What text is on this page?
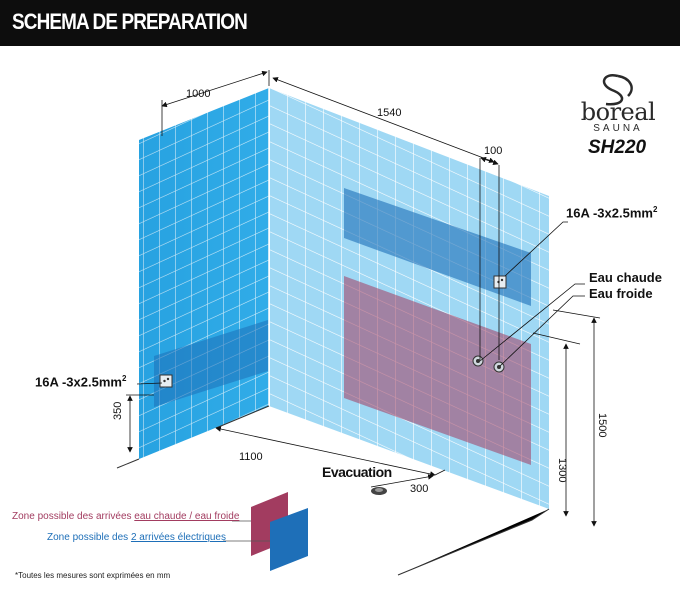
SCHEMA DE PREPARATION
boreal
SAUNA
SH220
16A $-3x2.5mm^2$
16A $-3x2.5mm^2$
Eau chaude
Eau froide
Evacuation
1000
1540
100
1100
300
350
1300
1500
Zone possible des arrivées eau chaude / eau froide
Zone possible des 2 arrivées électriques
*Toutes les mesures sont exprimées en mm
